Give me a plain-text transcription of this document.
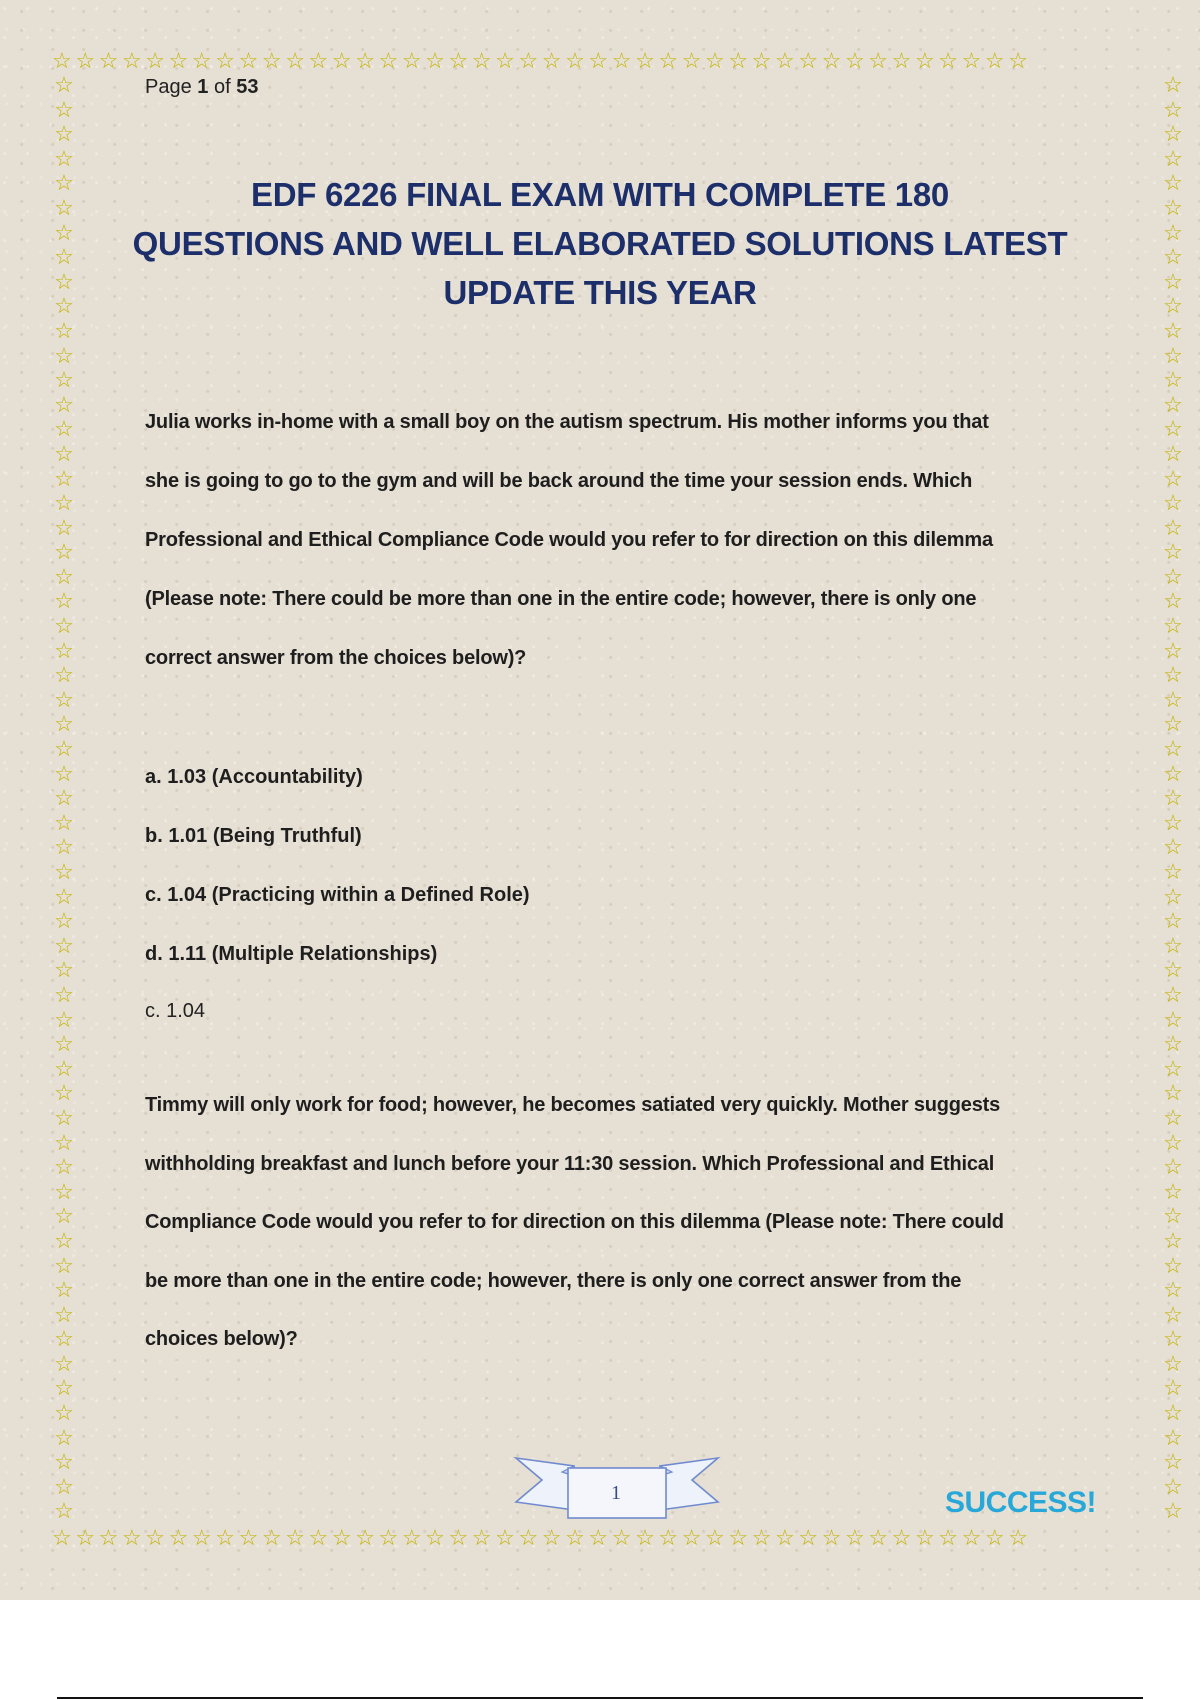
☆☆☆☆☆☆☆☆☆☆☆☆☆☆☆☆☆☆☆☆☆☆☆☆☆☆☆☆☆☆☆☆☆☆☆☆☆☆☆☆☆☆
☆☆☆☆☆☆☆☆☆☆☆☆☆☆☆☆☆☆☆☆☆☆☆☆☆☆☆☆☆☆☆☆☆☆☆☆☆☆☆☆☆☆
☆
☆
☆
☆
☆
☆
☆
☆
☆
☆
☆
☆
☆
☆
☆
☆
☆
☆
☆
☆
☆
☆
☆
☆
☆
☆
☆
☆
☆
☆
☆
☆
☆
☆
☆
☆
☆
☆
☆
☆
☆
☆
☆
☆
☆
☆
☆
☆
☆
☆
☆
☆
☆
☆
☆
☆
☆
☆
☆
☆
☆
☆
☆
☆
☆
☆
☆
☆
☆
☆
☆
☆
☆
☆
☆
☆
☆
☆
☆
☆
☆
☆
☆
☆
☆
☆
☆
☆
☆
☆
☆
☆
☆
☆
☆
☆
☆
☆
☆
☆
☆
☆
☆
☆
☆
☆
☆
☆
☆
☆
☆
☆
☆
☆
☆
☆
☆
☆
Page 1 of 53
EDF 6226 FINAL EXAM WITH COMPLETE 180
QUESTIONS AND WELL ELABORATED SOLUTIONS LATEST
UPDATE THIS YEAR
Julia works in-home with a small boy on the autism spectrum. His mother informs you that
she is going to go to the gym and will be back around the time your session ends. Which
Professional and Ethical Compliance Code would you refer to for direction on this dilemma
(Please note: There could be more than one in the entire code; however, there is only one
correct answer from the choices below)?
a. 1.03 (Accountability)
b. 1.01 (Being Truthful)
c. 1.04 (Practicing within a Defined Role)
d. 1.11 (Multiple Relationships)
c. 1.04
Timmy will only work for food; however, he becomes satiated very quickly. Mother suggests
withholding breakfast and lunch before your 11:30 session. Which Professional and Ethical
Compliance Code would you refer to for direction on this dilemma (Please note: There could
be more than one in the entire code; however, there is only one correct answer from the
choices below)?
1	SUCCESS!
